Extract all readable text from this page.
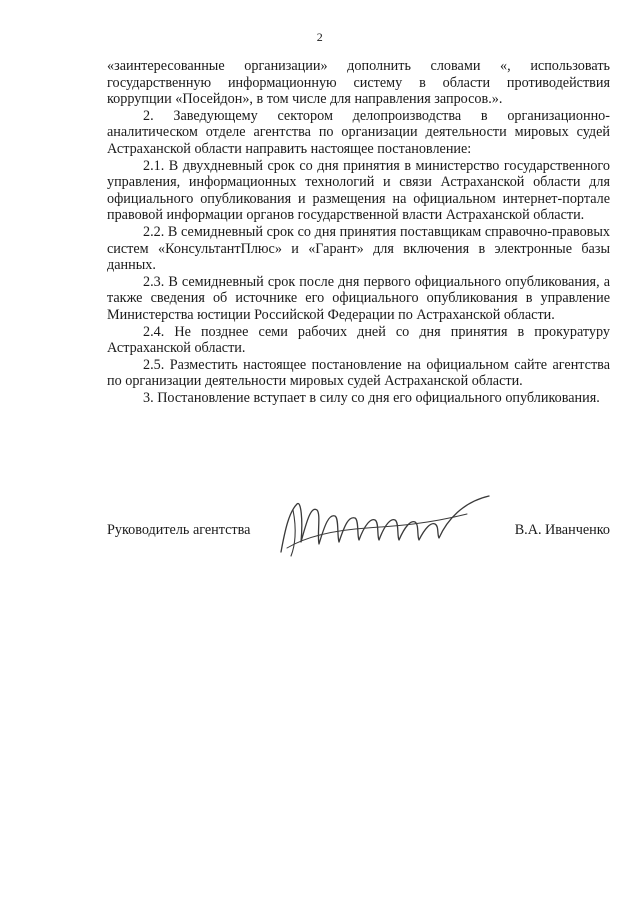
2

«заинтересованные организации» дополнить словами «, использовать государственную информационную систему в области противодействия коррупции «Посейдон», в том числе для направления запросов.».

2. Заведующему сектором делопроизводства в организационно-аналитическом отделе агентства по организации деятельности мировых судей Астраханской области направить настоящее постановление:

2.1. В двухдневный срок со дня принятия в министерство государственного управления, информационных технологий и связи Астраханской области для официального опубликования и размещения на официальном интернет-портале правовой информации органов государственной власти Астраханской области.

2.2. В семидневный срок со дня принятия поставщикам справочно-правовых систем «КонсультантПлюс» и «Гарант» для включения в электронные базы данных.

2.3. В семидневный срок после дня первого официального опубликования, а также сведения об источнике его официального опубликования в управление Министерства юстиции Российской Федерации по Астраханской области.

2.4. Не позднее семи рабочих дней со дня принятия в прокуратуру Астраханской области.

2.5. Разместить настоящее постановление на официальном сайте агентства по организации деятельности мировых судей Астраханской области.

3. Постановление вступает в силу со дня его официального опубликования.

Руководитель агентства	В.А. Иванченко
